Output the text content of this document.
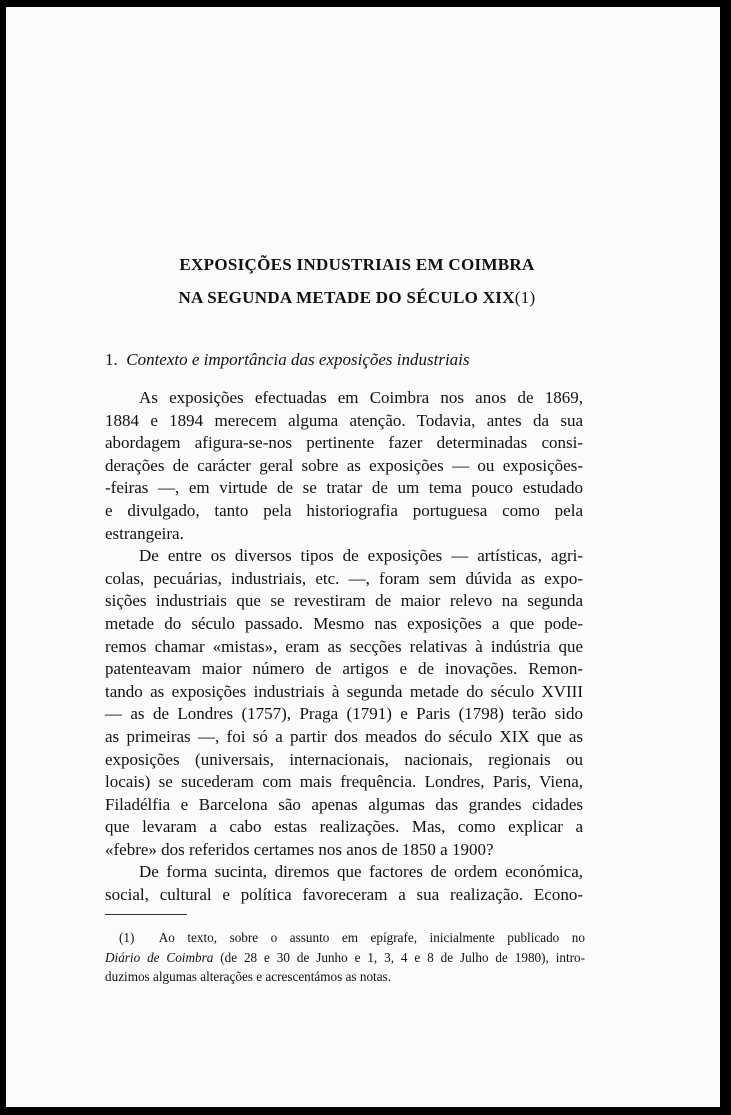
EXPOSIÇÕES INDUSTRIAIS EM COIMBRA
NA SEGUNDA METADE DO SÉCULO XIX(1)

1. Contexto e importância das exposições industriais

As exposições efectuadas em Coimbra nos anos de 1869,
1884 e 1894 merecem alguma atenção. Todavia, antes da sua
abordagem afigura-se-nos pertinente fazer determinadas consi-
derações de carácter geral sobre as exposições — ou exposições-
-feiras —, em virtude de se tratar de um tema pouco estudado
e divulgado, tanto pela historiografia portuguesa como pela
estrangeira.
De entre os diversos tipos de exposições — artísticas, agri-
colas, pecuárias, industriais, etc. —, foram sem dúvida as expo-
sições industriais que se revestiram de maior relevo na segunda
metade do século passado. Mesmo nas exposições a que pode-
remos chamar «mistas», eram as secções relativas à indústria que
patenteavam maior número de artigos e de inovações. Remon-
tando as exposições industriais à segunda metade do século XVIII
— as de Londres (1757), Praga (1791) e Paris (1798) terão sido
as primeiras —, foi só a partir dos meados do século XIX que as
exposições (universais, internacionais, nacionais, regionais ou
locais) se sucederam com mais frequência. Londres, Paris, Viena,
Filadélfia e Barcelona são apenas algumas das grandes cidades
que levaram a cabo estas realizações. Mas, como explicar a
«febre» dos referidos certames nos anos de 1850 a 1900?
De forma sucinta, diremos que factores de ordem económica,
social, cultural e política favoreceram a sua realização. Econo-
(1) Ao texto, sobre o assunto em epígrafe, inicialmente publicado no
Diário de Coimbra (de 28 e 30 de Junho e 1, 3, 4 e 8 de Julho de 1980), intro-
duzimos algumas alterações e acrescentámos as notas.
